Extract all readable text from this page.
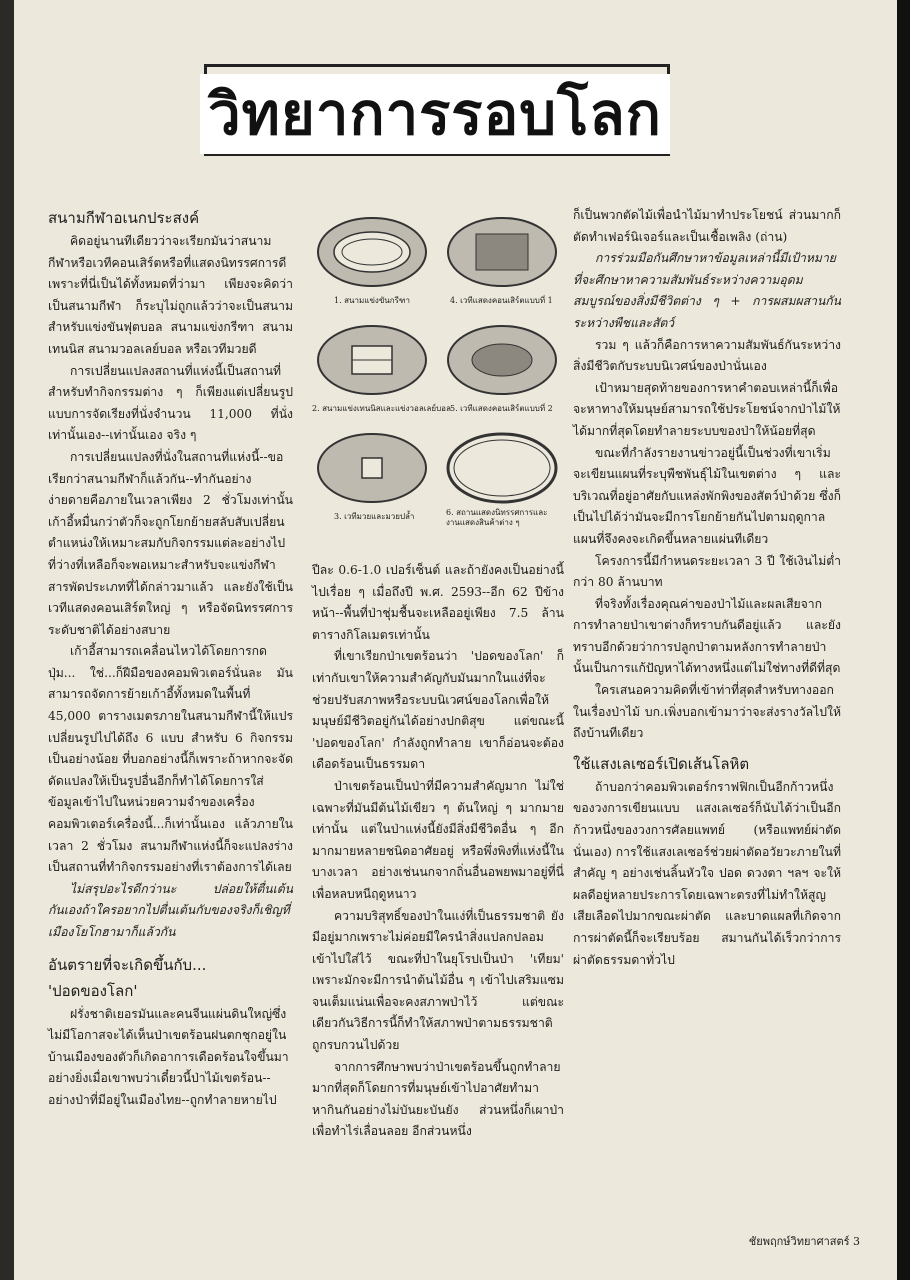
วิทยาการรอบโลก
สนามกีฬาอเนกประสงค์

คิดอยู่นานทีเดียวว่าจะเรียกมันว่าสนามกีฬาหรือเวทีคอนเสิร์ตหรือที่แสดงนิทรรศการดีเพราะที่นี่เป็นได้ทั้งหมดที่ว่ามา เพียงจะคิดว่าเป็นสนามกีฬา ก็ระบุไม่ถูกแล้วว่าจะเป็นสนามสำหรับแข่งขันฟุตบอล สนามแข่งกรีฑา สนามเทนนิส สนามวอลเลย์บอล หรือเวทีมวยดี

การเปลี่ยนแปลงสถานที่แห่งนี้เป็นสถานที่สำหรับทำกิจกรรมต่าง ๆ ก็เพียงแต่เปลี่ยนรูปแบบการจัดเรียงที่นั่งจำนวน 11,000 ที่นั่งเท่านั้นเอง--เท่านั้นเอง จริง ๆ

การเปลี่ยนแปลงที่นั่งในสถานที่แห่งนี้--ขอเรียกว่าสนามกีฬาก็แล้วกัน--ทำกันอย่างง่ายดายคือภายในเวลาเพียง 2 ชั่วโมงเท่านั้น เก้าอี้หมื่นกว่าตัวก็จะถูกโยกย้ายสลับสับเปลี่ยนตำแหน่งให้เหมาะสมกับกิจกรรมแต่ละอย่างไป ที่ว่างที่เหลือก็จะพอเหมาะสำหรับจะแข่งกีฬาสารพัดประเภทที่ได้กล่าวมาแล้ว และยังใช้เป็นเวทีแสดงคอนเสิร์ตใหญ่ ๆ หรือจัดนิทรรศการระดับชาติได้อย่างสบาย

เก้าอี้สามารถเคลื่อนไหวได้โดยการกดปุ่ม... ใช่...ก็ฝีมือของคอมพิวเตอร์นั่นละ มันสามารถจัดการย้ายเก้าอี้ทั้งหมดในพื้นที่ 45,000 ตารางเมตรภายในสนามกีฬานี้ให้แปรเปลี่ยนรูปไปได้ถึง 6 แบบ สำหรับ 6 กิจกรรม เป็นอย่างน้อย ที่บอกอย่างนี้ก็เพราะถ้าหากจะจัดดัดแปลงให้เป็นรูปอื่นอีกก็ทำได้โดยการใส่ข้อมูลเข้าไปในหน่วยความจำของเครื่องคอมพิวเตอร์เครื่องนี้...ก็เท่านั้นเอง แล้วภายในเวลา 2 ชั่วโมง สนามกีฬาแห่งนี้ก็จะแปลงร่างเป็นสถานที่ทำกิจกรรมอย่างที่เราต้องการได้เลย

ไม่สรุปอะไรดีกว่านะ ปล่อยให้ตื่นเต้นกันเองถ้าใครอยากไปตื่นเต้นกับของจริงก็เชิญที่เมืองโยโกฮามาก็แล้วกัน

อันตรายที่จะเกิดขึ้นกับ...
'ปอดของโลก'

ฝรั่งชาติเยอรมันและคนจีนแผ่นดินใหญ่ซึ่งไม่มีโอกาสจะได้เห็นป่าเขตร้อนฝนตกชุกอยู่ในบ้านเมืองของตัวก็เกิดอาการเดือดร้อนใจขึ้นมาอย่างยิ่งเมื่อเขาพบว่าเดี๋ยวนี้ป่าไม้เขตร้อน--อย่างป่าที่มีอยู่ในเมืองไทย--ถูกทำลายหายไป

1. สนามแข่งขันกรีฑา	4. เวทีแสดงคอนเสิร์ตแบบที่ 1
2. สนามแข่งเทนนิสและแข่งวอลเลย์บอล 5. เวทีแสดงคอนเสิร์ตแบบที่ 2
3. เวทีมวยและมวยปล้ำ	6. สถานแสดงนิทรรศการและงานแสดงสินค้าต่าง ๆ

ปีละ 0.6-1.0 เปอร์เซ็นต์ และถ้ายังคงเป็นอย่างนี้ไปเรื่อย ๆ เมื่อถึงปี พ.ศ. 2593--อีก 62 ปีข้างหน้า--พื้นที่ป่าชุ่มชื้นจะเหลืออยู่เพียง 7.5 ล้านตารางกิโลเมตรเท่านั้น

ที่เขาเรียกป่าเขตร้อนว่า 'ปอดของโลก' ก็เท่ากับเขาให้ความสำคัญกับมันมากในแง่ที่จะช่วยปรับสภาพหรือระบบนิเวศน์ของโลกเพื่อให้มนุษย์มีชีวิตอยู่กันได้อย่างปกติสุข แต่ขณะนี้ 'ปอดของโลก' กำลังถูกทำลาย เขาก็อ่อนจะต้องเดือดร้อนเป็นธรรมดา

ป่าเขตร้อนเป็นป่าที่มีความสำคัญมาก ไม่ใช่เฉพาะที่มันมีต้นไม้เขียว ๆ ต้นใหญ่ ๆ มากมายเท่านั้น แต่ในป่าแห่งนี้ยังมีสิ่งมีชีวิตอื่น ๆ อีกมากมายหลายชนิดอาศัยอยู่ หรือพึ่งพิงที่แห่งนี้ในบางเวลา อย่างเช่นนกจากถิ่นอื่นอพยพมาอยู่ที่นี่เพื่อหลบหนีฤดูหนาว

ความบริสุทธิ์ของป่าในแง่ที่เป็นธรรมชาติ ยังมีอยู่มากเพราะไม่ค่อยมีใครนำสิ่งแปลกปลอมเข้าไปใส่ไว้ ขณะที่ป่าในยุโรปเป็นป่า 'เทียม' เพราะมักจะมีการนำต้นไม้อื่น ๆ เข้าไปเสริมแซมจนเต็มแน่นเพื่อจะคงสภาพป่าไว้ แต่ขณะเดียวกันวิธีการนี้ก็ทำให้สภาพป่าตามธรรมชาติถูกรบกวนไปด้วย

จากการศึกษาพบว่าป่าเขตร้อนขึ้นถูกทำลายมากที่สุดก็โดยการที่มนุษย์เข้าไปอาศัยทำมาหากินกันอย่างไม่บันยะบันยัง ส่วนหนึ่งก็เผาป่าเพื่อทำไร่เลื่อนลอย อีกส่วนหนึ่ง

ก็เป็นพวกตัดไม้เพื่อนำไม้มาทำประโยชน์ ส่วนมากก็ตัดทำเฟอร์นิเจอร์และเป็นเชื้อเพลิง (ถ่าน)

การร่วมมือกันศึกษาหาข้อมูลเหล่านี้มีเป้าหมายที่จะศึกษาหาความสัมพันธ์ระหว่างความอุดมสมบูรณ์ของสิ่งมีชีวิตต่าง ๆ + การผสมผสานกันระหว่างพืชและสัตว์

รวม ๆ แล้วก็คือการหาความสัมพันธ์กันระหว่างสิ่งมีชีวิตกับระบบนิเวศน์ของป่านั่นเอง

เป้าหมายสุดท้ายของการหาคำตอบเหล่านี้ก็เพื่อจะหาทางให้มนุษย์สามารถใช้ประโยชน์จากป่าไม้ให้ได้มากที่สุดโดยทำลายระบบของป่าให้น้อยที่สุด

ขณะที่กำลังรายงานข่าวอยู่นี้เป็นช่วงที่เขาเริ่มจะเขียนแผนที่ระบุพืชพันธุ์ไม้ในเขตต่าง ๆ และบริเวณที่อยู่อาศัยกับแหล่งพักพิงของสัตว์ป่าด้วย ซึ่งก็เป็นไปได้ว่ามันจะมีการโยกย้ายกันไปตามฤดูกาล แผนที่จึงคงจะเกิดขึ้นหลายแผ่นทีเดียว

โครงการนี้มีกำหนดระยะเวลา 3 ปี ใช้เงินไม่ต่ำกว่า 80 ล้านบาท

ที่จริงทั้งเรื่องคุณค่าของป่าไม้และผลเสียจากการทำลายป่าเขาต่างก็ทราบกันดีอยู่แล้ว และยังทราบอีกด้วยว่าการปลูกป่าตามหลังการทำลายป่านั้นเป็นการแก้ปัญหาได้ทางหนึ่งแต่ไม่ใช่ทางที่ดีที่สุด

ใครเสนอความคิดที่เข้าท่าที่สุดสำหรับทางออกในเรื่องป่าไม้ บก.เพิ่งบอกเข้ามาว่าจะส่งรางวัลไปให้ถึงบ้านทีเดียว

ใช้แสงเลเซอร์เปิดเส้นโลหิต

ถ้าบอกว่าคอมพิวเตอร์กราฟฟิกเป็นอีกก้าวหนึ่งของวงการเขียนแบบ แสงเลเซอร์ก็นับได้ว่าเป็นอีกก้าวหนึ่งของวงการศัลยแพทย์ (หรือแพทย์ผ่าตัดนั่นเอง) การใช้แสงเลเซอร์ช่วยผ่าตัดอวัยวะภายในที่สำคัญ ๆ อย่างเช่นลิ้นหัวใจ ปอด ดวงตา ฯลฯ จะให้ผลดีอยู่หลายประการโดยเฉพาะตรงที่ไม่ทำให้สูญเสียเลือดไปมากขณะผ่าตัด และบาดแผลที่เกิดจากการผ่าตัดนี้ก็จะเรียบร้อย สมานกันได้เร็วกว่าการผ่าตัดธรรมดาทั่วไป

ชัยพฤกษ์วิทยาศาสตร์ 3
